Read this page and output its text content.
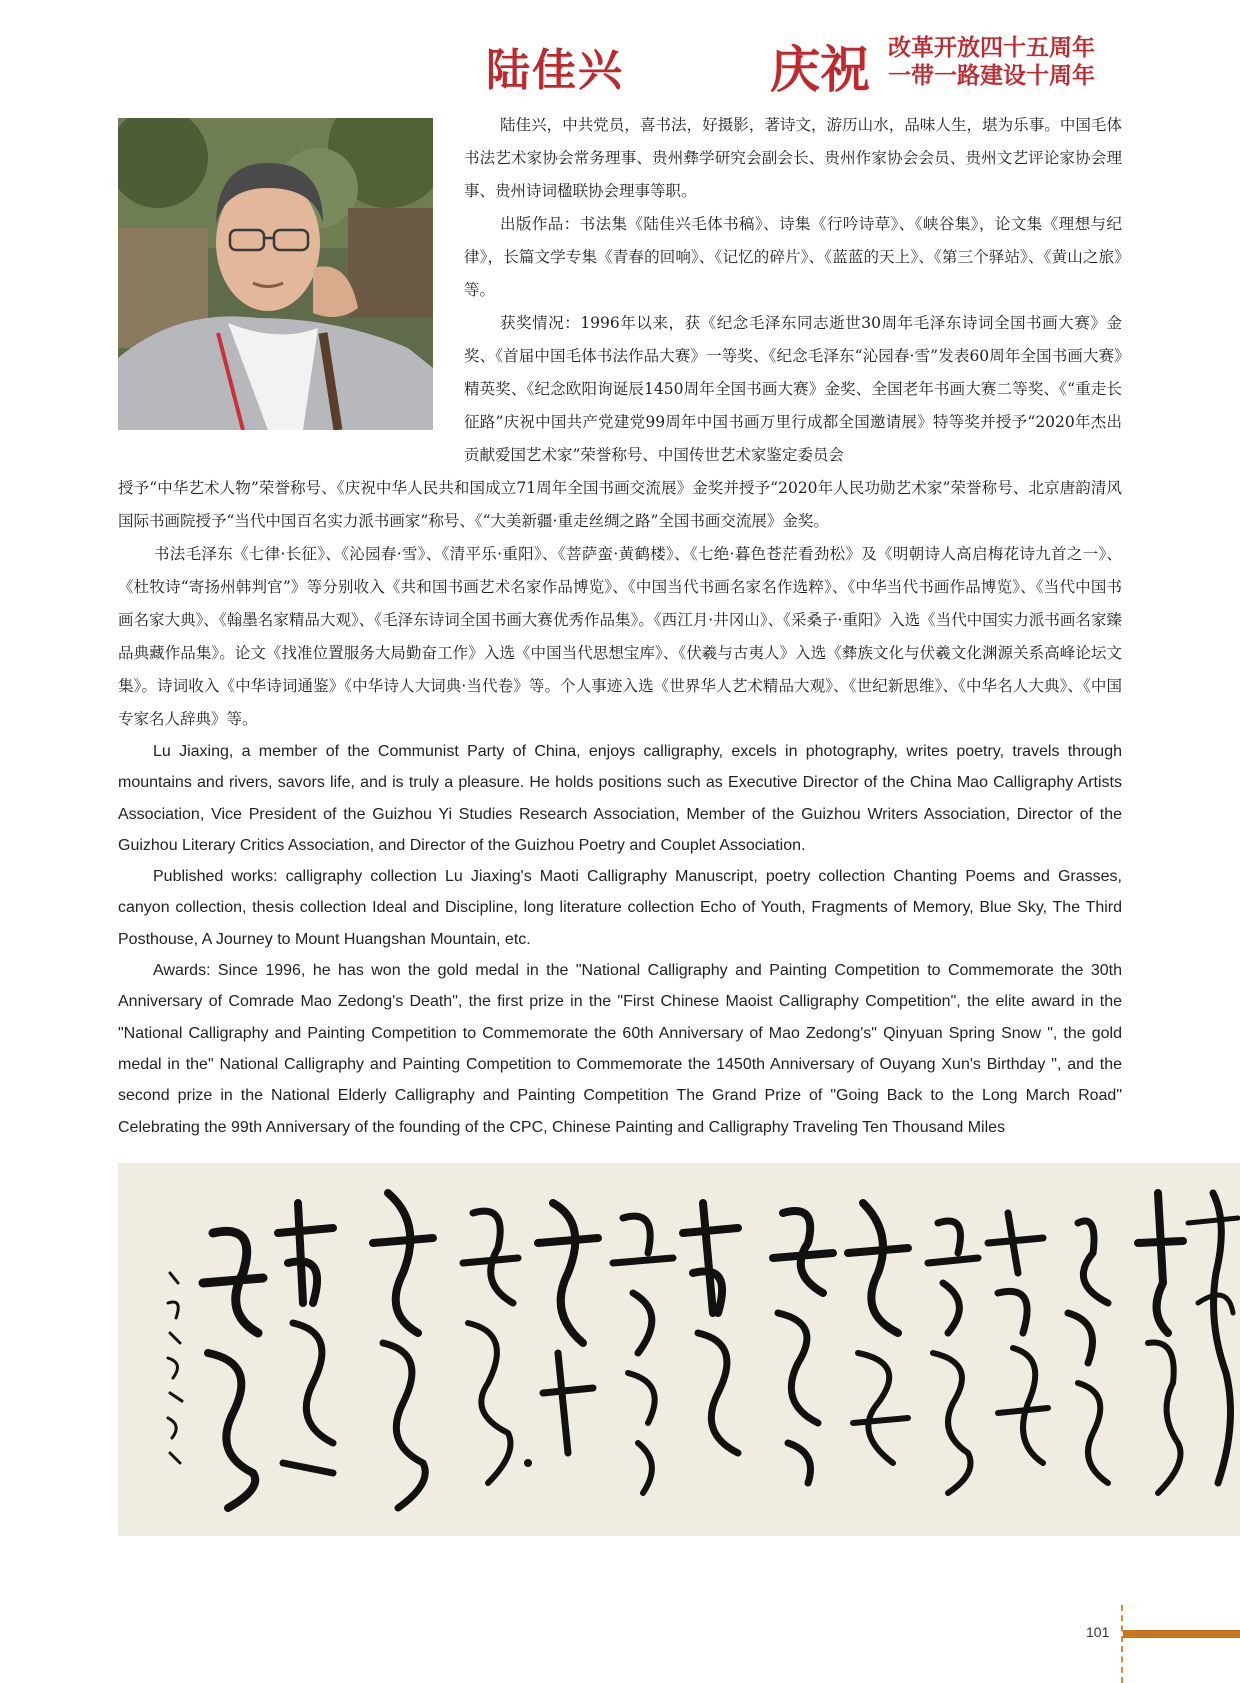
陆佳兴	庆祝 改革开放四十五周年
一带一路建设十周年

陆佳兴，中共党员，喜书法，好摄影，著诗文，游历山水，品味人生，堪为乐事。中国毛体书法艺术家协会常务理事、贵州彝学研究会副会长、贵州作家协会会员、贵州文艺评论家协会理事、贵州诗词楹联协会理事等职。

出版作品：书法集《陆佳兴毛体书稿》、诗集《行吟诗草》、《峡谷集》，论文集《理想与纪律》，长篇文学专集《青春的回响》、《记忆的碎片》、《蓝蓝的天上》、《第三个驿站》、《黄山之旅》等。

获奖情况：1996年以来，获《纪念毛泽东同志逝世30周年毛泽东诗词全国书画大赛》金奖、《首届中国毛体书法作品大赛》一等奖、《纪念毛泽东“沁园春·雪”发表60周年全国书画大赛》精英奖、《纪念欧阳询诞辰1450周年全国书画大赛》金奖、全国老年书画大赛二等奖、《“重走长征路”庆祝中国共产党建党99周年中国书画万里行成都全国邀请展》特等奖并授予“2020年杰出贡献爱国艺术家”荣誉称号、中国传世艺术家鉴定委员会

授予“中华艺术人物”荣誉称号、《庆祝中华人民共和国成立71周年全国书画交流展》金奖并授予“2020年人民功勋艺术家”荣誉称号、北京唐韵清风国际书画院授予“当代中国百名实力派书画家”称号、《“大美新疆·重走丝绸之路”全国书画交流展》金奖。

书法毛泽东《七律·长征》、《沁园春·雪》、《清平乐·重阳》、《菩萨蛮·黄鹤楼》、《七绝·暮色苍茫看劲松》及《明朝诗人高启梅花诗九首之一》、《杜牧诗“寄扬州韩判官”》等分别收入《共和国书画艺术名家作品博览》、《中国当代书画名家名作选粹》、《中华当代书画作品博览》、《当代中国书画名家大典》、《翰墨名家精品大观》、《毛泽东诗词全国书画大赛优秀作品集》。《西江月·井冈山》、《采桑子·重阳》入选《当代中国实力派书画名家臻品典藏作品集》。论文《找准位置服务大局勤奋工作》入选《中国当代思想宝库》、《伏羲与古夷人》入选《彝族文化与伏羲文化渊源关系高峰论坛文集》。诗词收入《中华诗词通鉴》《中华诗人大词典·当代卷》等。个人事迹入选《世界华人艺术精品大观》、《世纪新思维》、《中华名人大典》、《中国专家名人辞典》等。

Lu Jiaxing, a member of the Communist Party of China, enjoys calligraphy, excels in photography, writes poetry, travels through mountains and rivers, savors life, and is truly a pleasure. He holds positions such as Executive Director of the China Mao Calligraphy Artists Association, Vice President of the Guizhou Yi Studies Research Association, Member of the Guizhou Writers Association, Director of the Guizhou Literary Critics Association, and Director of the Guizhou Poetry and Couplet Association.

Published works: calligraphy collection Lu Jiaxing's Maoti Calligraphy Manuscript, poetry collection Chanting Poems and Grasses, canyon collection, thesis collection Ideal and Discipline, long literature collection Echo of Youth, Fragments of Memory, Blue Sky, The Third Posthouse, A Journey to Mount Huangshan Mountain, etc.

Awards: Since 1996, he has won the gold medal in the "National Calligraphy and Painting Competition to Commemorate the 30th Anniversary of Comrade Mao Zedong's Death", the first prize in the "First Chinese Maoist Calligraphy Competition", the elite award in the "National Calligraphy and Painting Competition to Commemorate the 60th Anniversary of Mao Zedong's" Qinyuan Spring Snow ", the gold medal in the" National Calligraphy and Painting Competition to Commemorate the 1450th Anniversary of Ouyang Xun's Birthday ", and the second prize in the National Elderly Calligraphy and Painting Competition The Grand Prize of "Going Back to the Long March Road" Celebrating the 99th Anniversary of the founding of the CPC, Chinese Painting and Calligraphy Traveling Ten Thousand Miles

101
